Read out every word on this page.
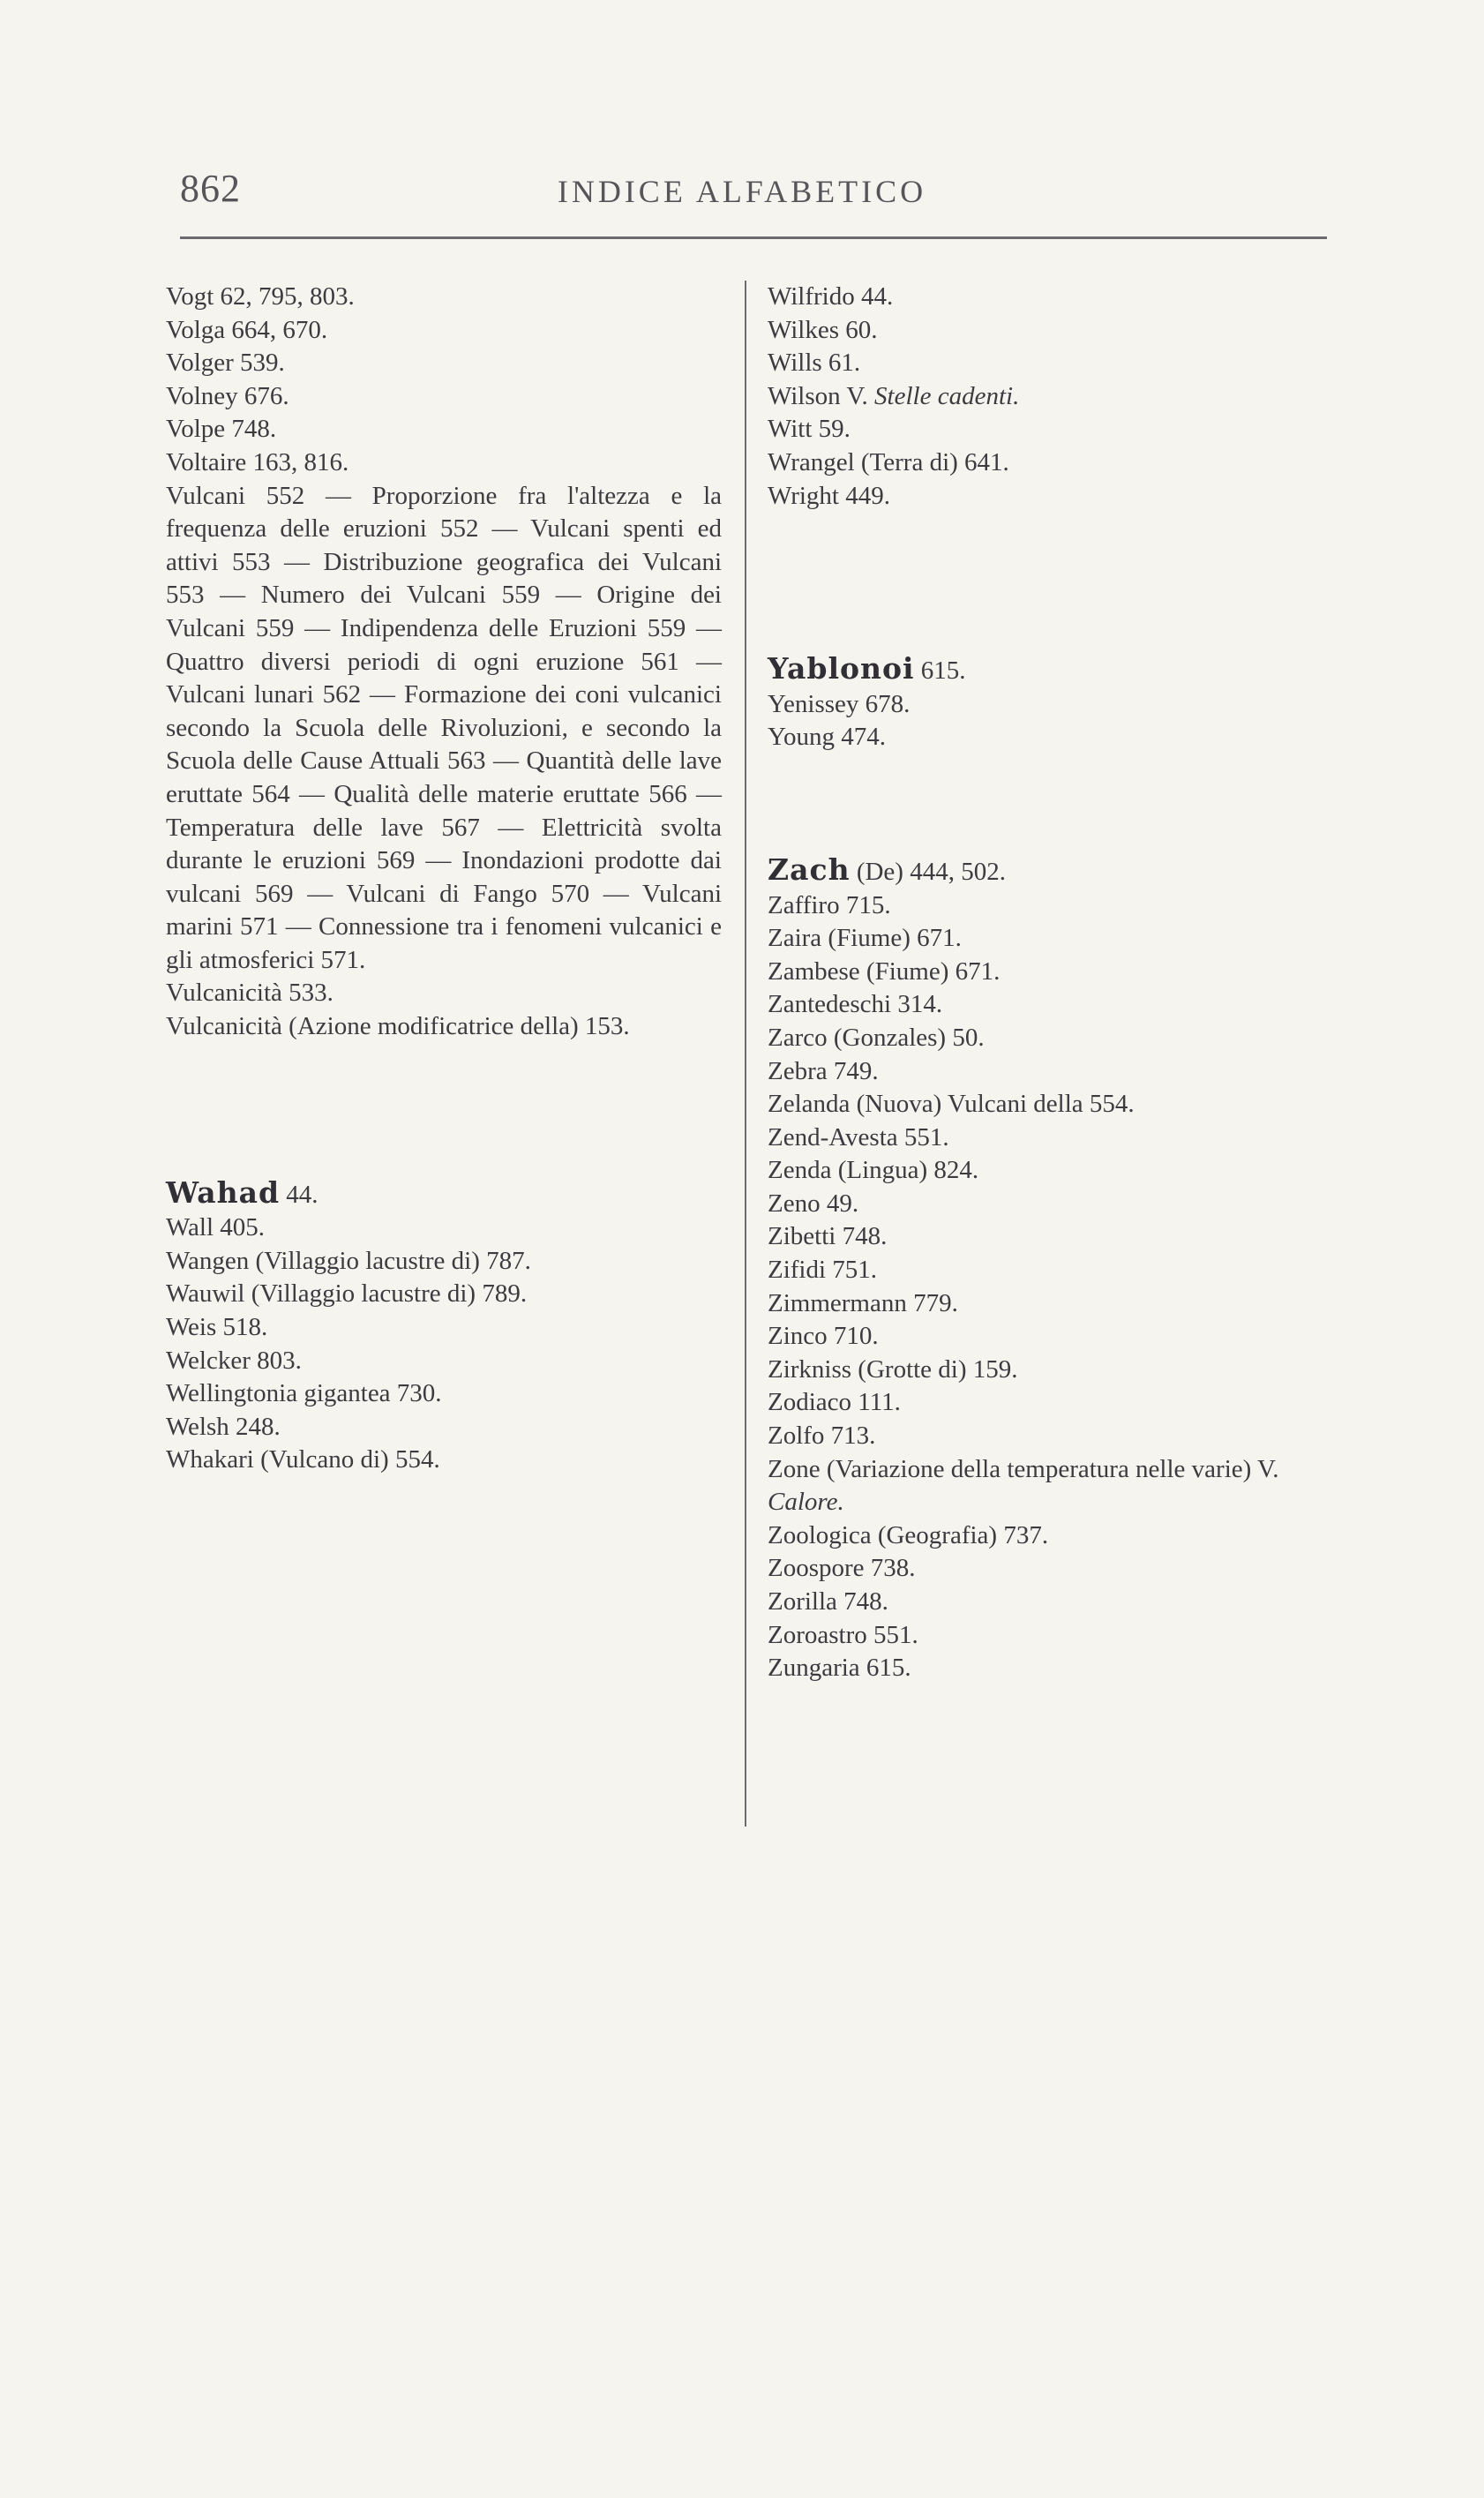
862	INDICE ALFABETICO

Vogt 62, 795, 803.

Volga 664, 670.

Volger 539.

Volney 676.

Volpe 748.

Voltaire 163, 816.

Vulcani 552 — Proporzione fra l'altezza e la frequenza delle eruzioni 552 — Vulcani spenti ed attivi 553 — Distribuzione geografica dei Vulcani 553 — Numero dei Vulcani 559 — Origine dei Vulcani 559 — Indipendenza delle Eruzioni 559 — Quattro diversi periodi di ogni eruzione 561 — Vulcani lunari 562 — Formazione dei coni vulcanici secondo la Scuola delle Rivoluzioni, e secondo la Scuola delle Cause Attuali 563 — Quantità delle lave eruttate 564 — Qualità delle materie eruttate 566 — Temperatura delle lave 567 — Elettricità svolta durante le eruzioni 569 — Inondazioni prodotte dai vulcani 569 — Vulcani di Fango 570 — Vulcani marini 571 — Connessione tra i fenomeni vulcanici e gli atmosferici 571.

Vulcanicità 533.

Vulcanicità (Azione modificatrice della) 153.

Wahad 44.

Wall 405.

Wangen (Villaggio lacustre di) 787.

Wauwil (Villaggio lacustre di) 789.

Weis 518.

Welcker 803.

Wellingtonia gigantea 730.

Welsh 248.

Whakari (Vulcano di) 554.

Wilfrido 44.

Wilkes 60.

Wills 61.

Wilson V. Stelle cadenti.

Witt 59.

Wrangel (Terra di) 641.

Wright 449.

Yablonoi 615.

Yenissey 678.

Young 474.

Zach (De) 444, 502.

Zaffiro 715.

Zaira (Fiume) 671.

Zambese (Fiume) 671.

Zantedeschi 314.

Zarco (Gonzales) 50.

Zebra 749.

Zelanda (Nuova) Vulcani della 554.

Zend-Avesta 551.

Zenda (Lingua) 824.

Zeno 49.

Zibetti 748.

Zifidi 751.

Zimmermann 779.

Zinco 710.

Zirkniss (Grotte di) 159.

Zodiaco 111.

Zolfo 713.

Zone (Variazione della temperatura nelle varie) V. Calore.

Zoologica (Geografia) 737.

Zoospore 738.

Zorilla 748.

Zoroastro 551.

Zungaria 615.
